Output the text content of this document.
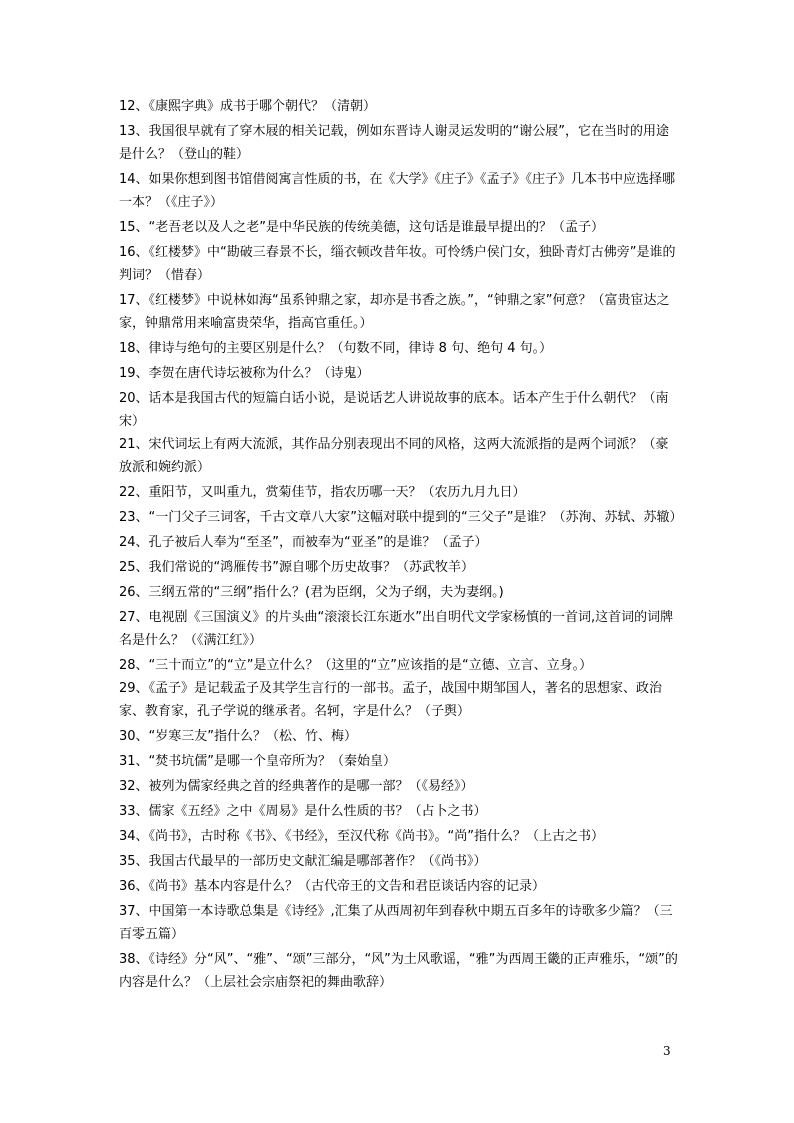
12、《康熙字典》成书于哪个朝代？（清朝）

13、我国很早就有了穿木屐的相关记载，例如东晋诗人谢灵运发明的“谢公屐”，它在当时的用途是什么？（登山的鞋）

14、如果你想到图书馆借阅寓言性质的书，在《大学》《庄子》《孟子》《庄子》几本书中应选择哪一本？（《庄子》）

15、“老吾老以及人之老”是中华民族的传统美德，这句话是谁最早提出的？（孟子）

16、《红楼梦》中“勘破三春景不长，缁衣顿改昔年妆。可怜绣户侯门女，独卧青灯古佛旁”是谁的判词？（惜春）

17、《红楼梦》中说林如海“虽系钟鼎之家，却亦是书香之族。”，“钟鼎之家”何意？（富贵宦达之家，钟鼎常用来喻富贵荣华，指高官重任。）

18、律诗与绝句的主要区别是什么？（句数不同，律诗 8 句、绝句 4 句。）

19、李贺在唐代诗坛被称为什么？（诗鬼）

20、话本是我国古代的短篇白话小说，是说话艺人讲说故事的底本。话本产生于什么朝代？（南宋）

21、宋代词坛上有两大流派，其作品分别表现出不同的风格，这两大流派指的是两个词派？（豪放派和婉约派）

22、重阳节，又叫重九，赏菊佳节，指农历哪一天？（农历九月九日）

23、“一门父子三词客，千古文章八大家”这幅对联中提到的“三父子”是谁？（苏洵、苏轼、苏辙）

24、孔子被后人奉为“至圣”，而被奉为“亚圣”的是谁？（孟子）

25、我们常说的“鸿雁传书”源自哪个历史故事？（苏武牧羊）

26、三纲五常的“三纲”指什么？(君为臣纲，父为子纲，夫为妻纲。)

27、电视剧《三国演义》的片头曲“滚滚长江东逝水”出自明代文学家杨慎的一首词,这首词的词牌名是什么？（《满江红》）

28、“三十而立”的“立”是立什么？（这里的“立”应该指的是“立德、立言、立身。）

29、《孟子》是记载孟子及其学生言行的一部书。孟子，战国中期邹国人，著名的思想家、政治家、教育家，孔子学说的继承者。名轲，字是什么？（子舆）

30、“岁寒三友”指什么？（松、竹、梅）

31、“焚书坑儒”是哪一个皇帝所为？（秦始皇）

32、被列为儒家经典之首的经典著作的是哪一部？（《易经》）

33、儒家《五经》之中《周易》是什么性质的书？（占卜之书）

34、《尚书》，古时称《书》、《书经》，至汉代称《尚书》。“尚”指什么？（上古之书）

35、我国古代最早的一部历史文献汇编是哪部著作？（《尚书》）

36、《尚书》基本内容是什么？（古代帝王的文告和君臣谈话内容的记录）

37、中国第一本诗歌总集是《诗经》,汇集了从西周初年到春秋中期五百多年的诗歌多少篇？（三百零五篇）

38、《诗经》分“风”、“雅”、“颂”三部分，“风”为土风歌谣，“雅”为西周王畿的正声雅乐，“颂”的内容是什么？（上层社会宗庙祭祀的舞曲歌辞）

3
